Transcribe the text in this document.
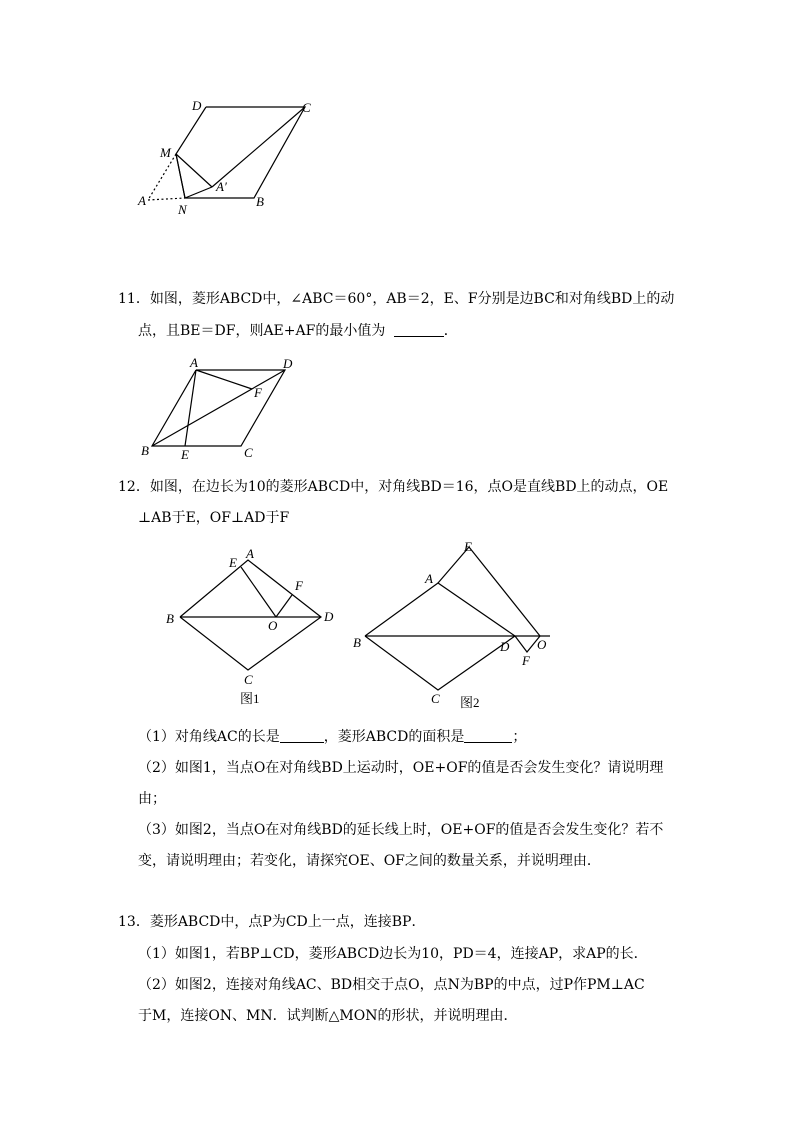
D	C
M
A′
A
N
B
11．如图，菱形ABCD中，∠ABC＝60°，AB＝2，E、F分别是边BC和对角线BD上的动
点，且BE＝DF，则AE+AF的最小值为	．
A	D
F
B E	C
12．如图，在边长为10的菱形ABCD中，对角线BD＝16，点O是直线BD上的动点，OE
⊥AB于E，OF⊥AD于F
E
A
F
B	O
D
C
图1
E
A
B	D O
F
C 图2
（1）对角线AC的长是	，菱形ABCD的面积是	；
（2）如图1，当点O在对角线BD上运动时，OE+OF的值是否会发生变化？请说明理
由；
（3）如图2，当点O在对角线BD的延长线上时，OE+OF的值是否会发生变化？若不
变，请说明理由；若变化，请探究OE、OF之间的数量关系，并说明理由．
13．菱形ABCD中，点P为CD上一点，连接BP．
（1）如图1，若BP⊥CD，菱形ABCD边长为10，PD＝4，连接AP，求AP的长．
（2）如图2，连接对角线AC、BD相交于点O，点N为BP的中点，过P作PM⊥AC
于M，连接ON、MN．试判断△MON的形状，并说明理由．
